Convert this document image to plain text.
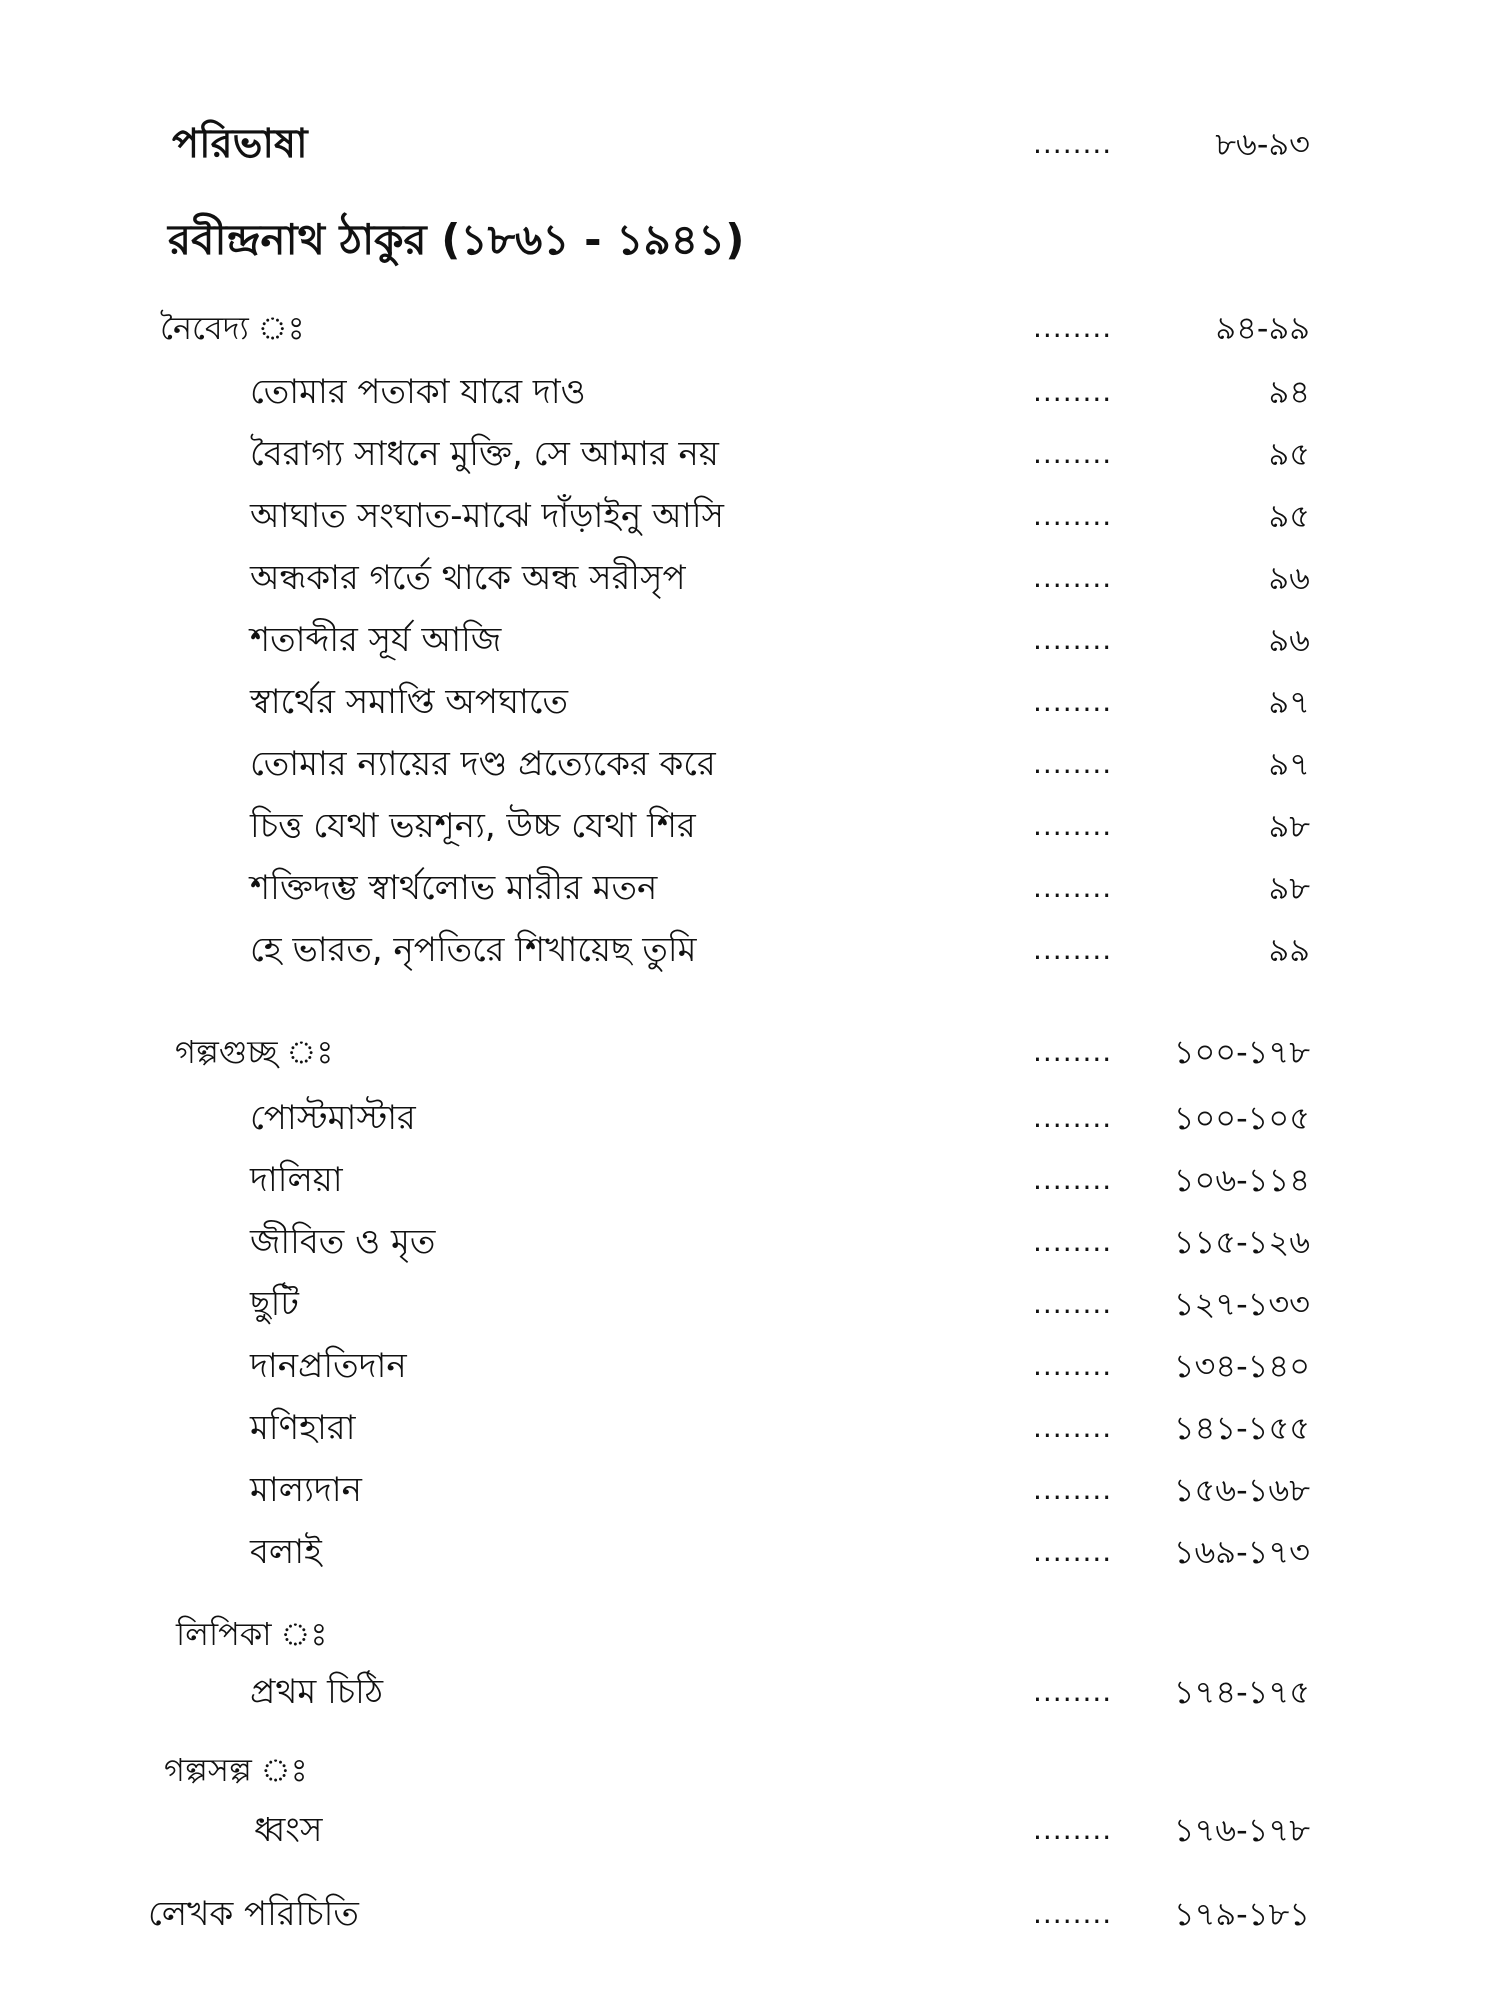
পরিভাষা	........	৮৬-৯৩
রবীন্দ্রনাথ ঠাকুর (১৮৬১ - ১৯৪১)
নৈবেদ্য ঃ	........	৯৪-৯৯
তোমার পতাকা যারে দাও	........	৯৪
বৈরাগ্য সাধনে মুক্তি, সে আমার নয়	........	৯৫
আঘাত সংঘাত-মাঝে দাঁড়াইনু আসি	........	৯৫
অন্ধকার গর্তে থাকে অন্ধ সরীসৃপ	........	৯৬
শতাব্দীর সূর্য আজি	........	৯৬
স্বার্থের সমাপ্তি অপঘাতে	........	৯৭
তোমার ন্যায়ের দণ্ড প্রত্যেকের করে	........	৯৭
চিত্ত যেথা ভয়শূন্য, উচ্চ যেথা শির	........	৯৮
শক্তিদম্ভ স্বার্থলোভ মারীর মতন	........	৯৮
হে ভারত, নৃপতিরে শিখায়েছ তুমি	........	৯৯
গল্পগুচ্ছ ঃ	........ ১০০-১৭৮
পোস্টমাস্টার	........ ১০০-১০৫
দালিয়া	........ ১০৬-১১৪
জীবিত ও মৃত	........ ১১৫-১২৬
ছুটি	........ ১২৭-১৩৩
দানপ্রতিদান	........ ১৩৪-১৪০
মণিহারা	........ ১৪১-১৫৫
মাল্যদান	........ ১৫৬-১৬৮
বলাই	........ ১৬৯-১৭৩
লিপিকা ঃ
প্রথম চিঠি	........ ১৭৪-১৭৫
গল্পসল্প ঃ
ধ্বংস	........ ১৭৬-১৭৮
লেখক পরিচিতি	........ ১৭৯-১৮১
